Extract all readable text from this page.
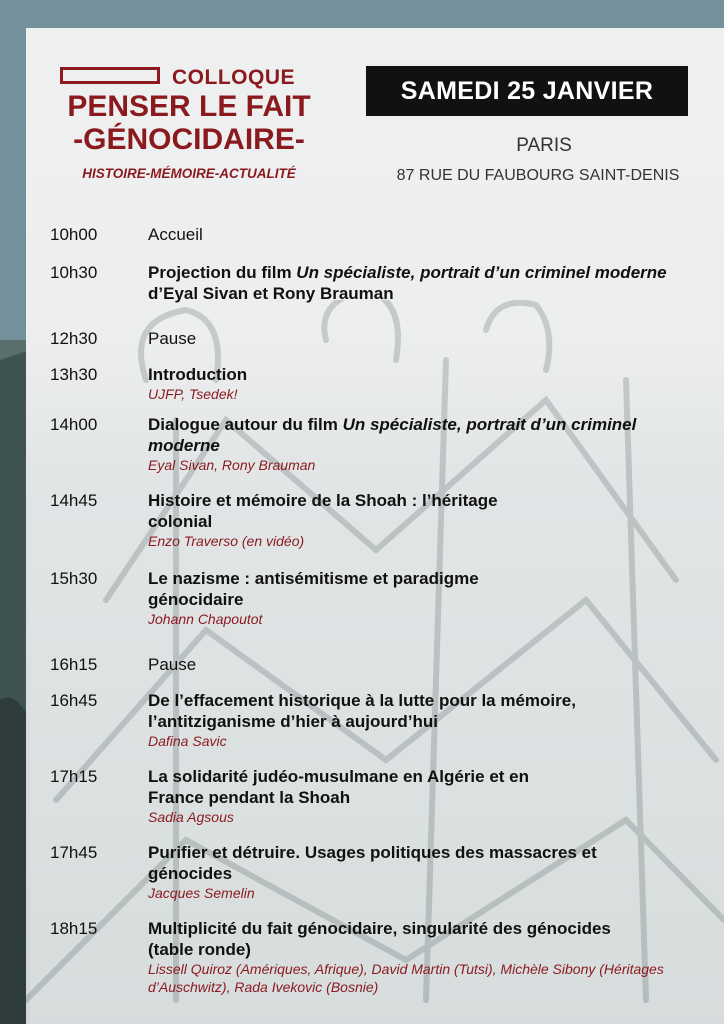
COLLOQUE
PENSER LE FAIT
-GÉNOCIDAIRE-
HISTOIRE-MÉMOIRE-ACTUALITÉ
SAMEDI 25 JANVIER
PARIS
87 RUE DU FAUBOURG SAINT-DENIS
10h00	Accueil
10h30	Projection du film Un spécialiste, portrait d’un criminel moderne d’Eyal Sivan et Rony Brauman
12h30	Pause
13h30	Introduction
UJFP, Tsedek!
14h00	Dialogue autour du film Un spécialiste, portrait d’un criminel moderne
Eyal Sivan, Rony Brauman
14h45	Histoire et mémoire de la Shoah : l’héritage colonial
Enzo Traverso (en vidéo)
15h30	Le nazisme : antisémitisme et paradigme génocidaire
Johann Chapoutot
16h15	Pause
16h45	De l’effacement historique à la lutte pour la mémoire, l’antitziganisme d’hier à aujourd’hui
Dafina Savic
17h15	La solidarité judéo-musulmane en Algérie et en France pendant la Shoah
Sadia Agsous
17h45	Purifier et détruire. Usages politiques des massacres et génocides
Jacques Semelin
18h15	Multiplicité du fait génocidaire, singularité des génocides (table ronde)
Lissell Quiroz (Amériques, Afrique), David Martin (Tutsi), Michèle Sibony (Héritages d’Auschwitz), Rada Ivekovic (Bosnie)
